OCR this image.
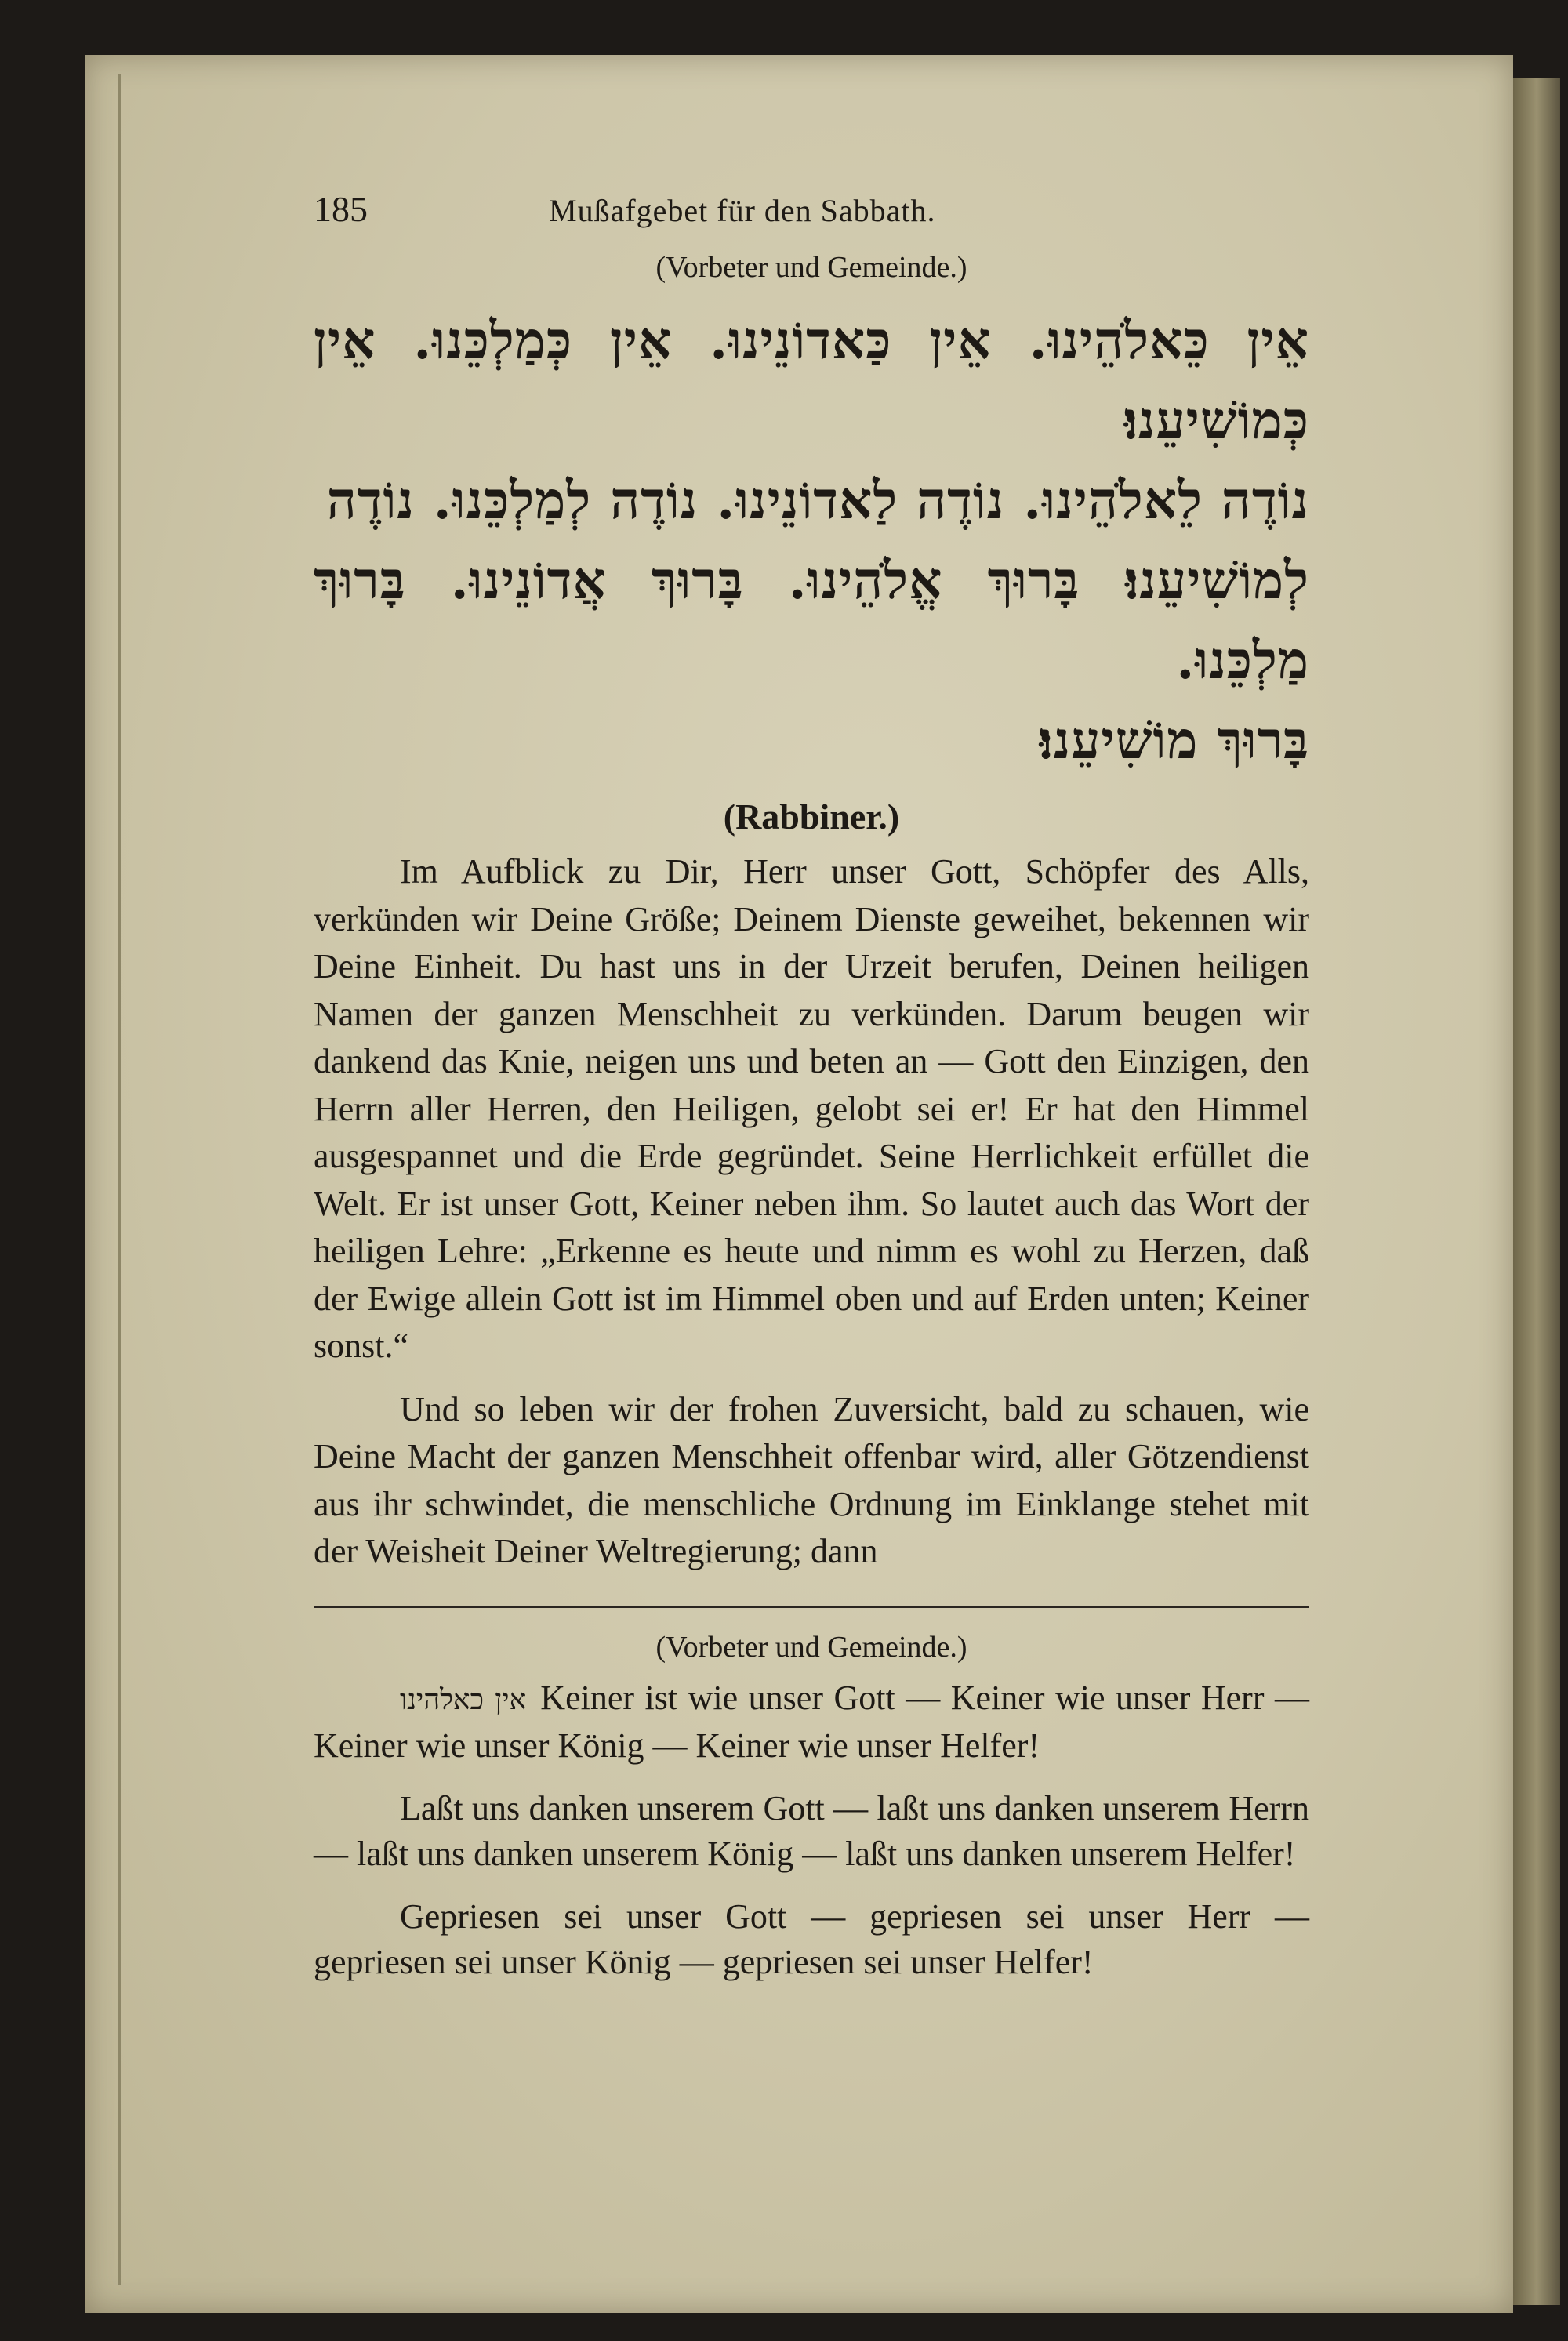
185	Mußafgebet für den Sabbath.
(Vorbeter und Gemeinde.)
אֵין כֵּאלֹהֵינוּ. אֵין כַּאדוֹנֵינוּ. אֵין כְּמַלְכֵּנוּ. אֵין כְּמוֹשִׁיעֵנוּ׃
נוֹדֶה לֵאלֹהֵינוּ. נוֹדֶה לַאדוֹנֵינוּ. נוֹדֶה לְמַלְכֵּנוּ. נוֹדֶה
לְמוֹשִׁיעֵנוּ׃ בָּרוּךְ אֱלֹהֵינוּ. בָּרוּךְ אֲדוֹנֵינוּ. בָּרוּךְ מַלְכֵּנוּ.
בָּרוּךְ מוֹשִׁיעֵנוּ׃
(Rabbiner.)

Im Aufblick zu Dir, Herr unser Gott, Schöpfer des Alls, verkünden wir Deine Größe; Deinem Dienste geweihet, bekennen wir Deine Einheit. Du hast uns in der Urzeit berufen, Deinen heiligen Namen der ganzen Menschheit zu verkünden. Darum beugen wir dankend das Knie, neigen uns und beten an — Gott den Einzigen, den Herrn aller Herren, den Heiligen, gelobt sei er! Er hat den Himmel ausgespannet und die Erde gegründet. Seine Herrlichkeit erfüllet die Welt. Er ist unser Gott, Keiner neben ihm. So lautet auch das Wort der heiligen Lehre: „Erkenne es heute und nimm es wohl zu Herzen, daß der Ewige allein Gott ist im Himmel oben und auf Erden unten; Keiner sonst.“

Und so leben wir der frohen Zuversicht, bald zu schauen, wie Deine Macht der ganzen Menschheit offenbar wird, aller Götzendienst aus ihr schwindet, die menschliche Ordnung im Einklange stehet mit der Weisheit Deiner Weltregierung; dann

(Vorbeter und Gemeinde.)

אין כאלהינו Keiner ist wie unser Gott — Keiner wie unser Herr — Keiner wie unser König — Keiner wie unser Helfer!

Laßt uns danken unserem Gott — laßt uns danken unserem Herrn — laßt uns danken unserem König — laßt uns danken unserem Helfer!

Gepriesen sei unser Gott — gepriesen sei unser Herr — gepriesen sei unser König — gepriesen sei unser Helfer!
